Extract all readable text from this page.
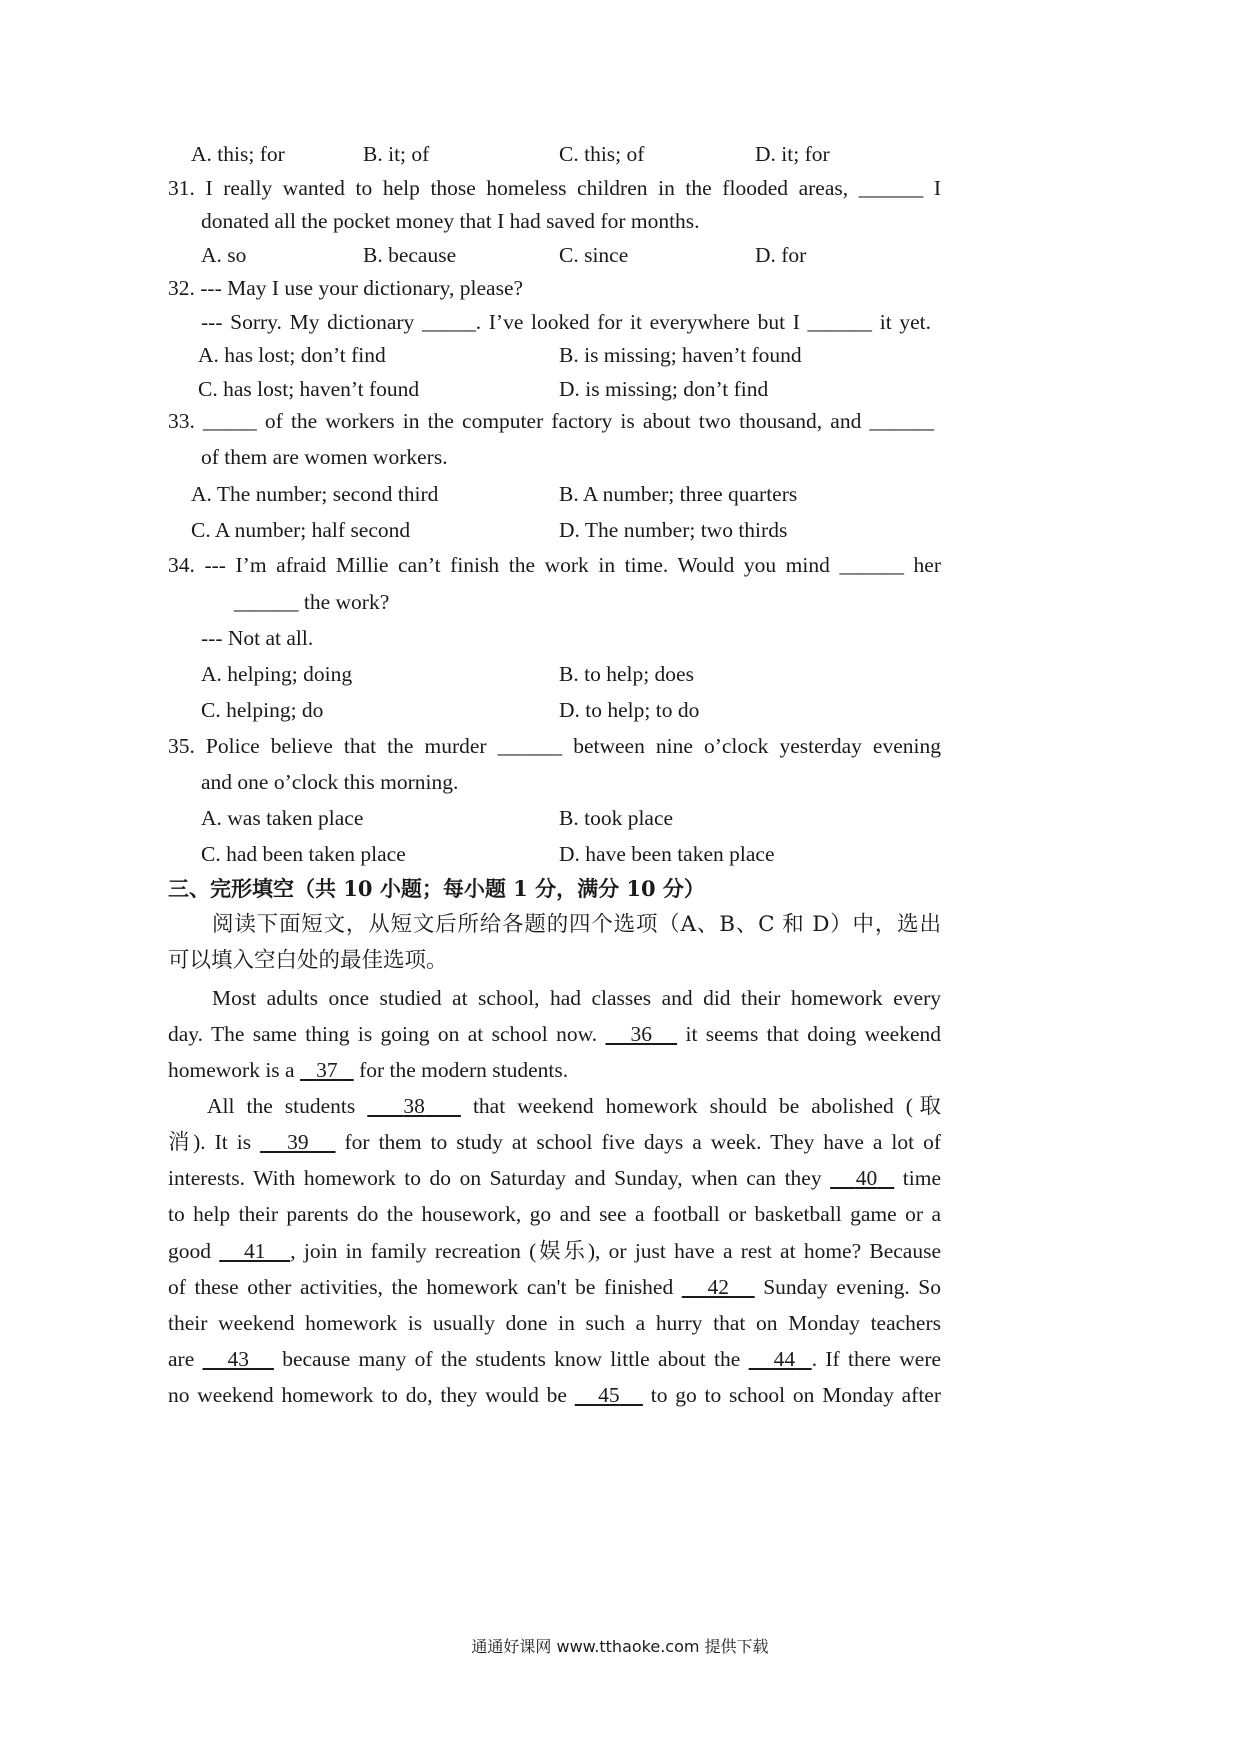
A. this; for	B. it; of	C. this; of	D. it; for
31. I really wanted to help those homeless children in the flooded areas, ______ I
donated all the pocket money that I had saved for months.
A. so	B. because	C. since	D. for
32. --- May I use your dictionary, please?
--- Sorry. My dictionary _____. I’ve looked for it everywhere but I ______ it yet.
A. has lost; don’t find	B. is missing; haven’t found
C. has lost; haven’t found	D. is missing; don’t find
33. _____ of the workers in the computer factory is about two thousand, and ______
of them are women workers.
A. The number; second third	B. A number; three quarters
C. A number; half second	D. The number; two thirds
34. --- I’m afraid Millie can’t finish the work in time. Would you mind ______ her
______ the work?
--- Not at all.
A. helping; doing	B. to help; does
C. helping; do	D. to help; to do
35. Police believe that the murder ______ between nine o’clock yesterday evening
and one o’clock this morning.
A. was taken place	B. took place
C. had been taken place	D. have been taken place
三、完形填空（共 10 小题；每小题 1 分，满分 10 分）
阅读下面短文，从短文后所给各题的四个选项（A、B、C 和 D）中，选出
可以填入空白处的最佳选项。
Most adults once studied at school, had classes and did their homework every
day. The same thing is going on at school now.    36    it seems that doing weekend
homework is a    37    for the modern students.
All the students    38    that weekend homework should be abolished (取
消). It is    39    for them to study at school five days a week. They have a lot of
interests. With homework to do on Saturday and Sunday, when can they    40   time
to help their parents do the housework, go and see a football or basketball game or a
good    41 , join in family recreation (娱乐), or just have a rest at home? Because
of these other activities, the homework can't be finished    42    Sunday evening. So
their weekend homework is usually done in such a hurry that on Monday teachers
are    43    because many of the students know little about the    44 . If there were
no weekend homework to do, they would be    45    to go to school on Monday after
通通好课网 www.tthaoke.com 提供下载
